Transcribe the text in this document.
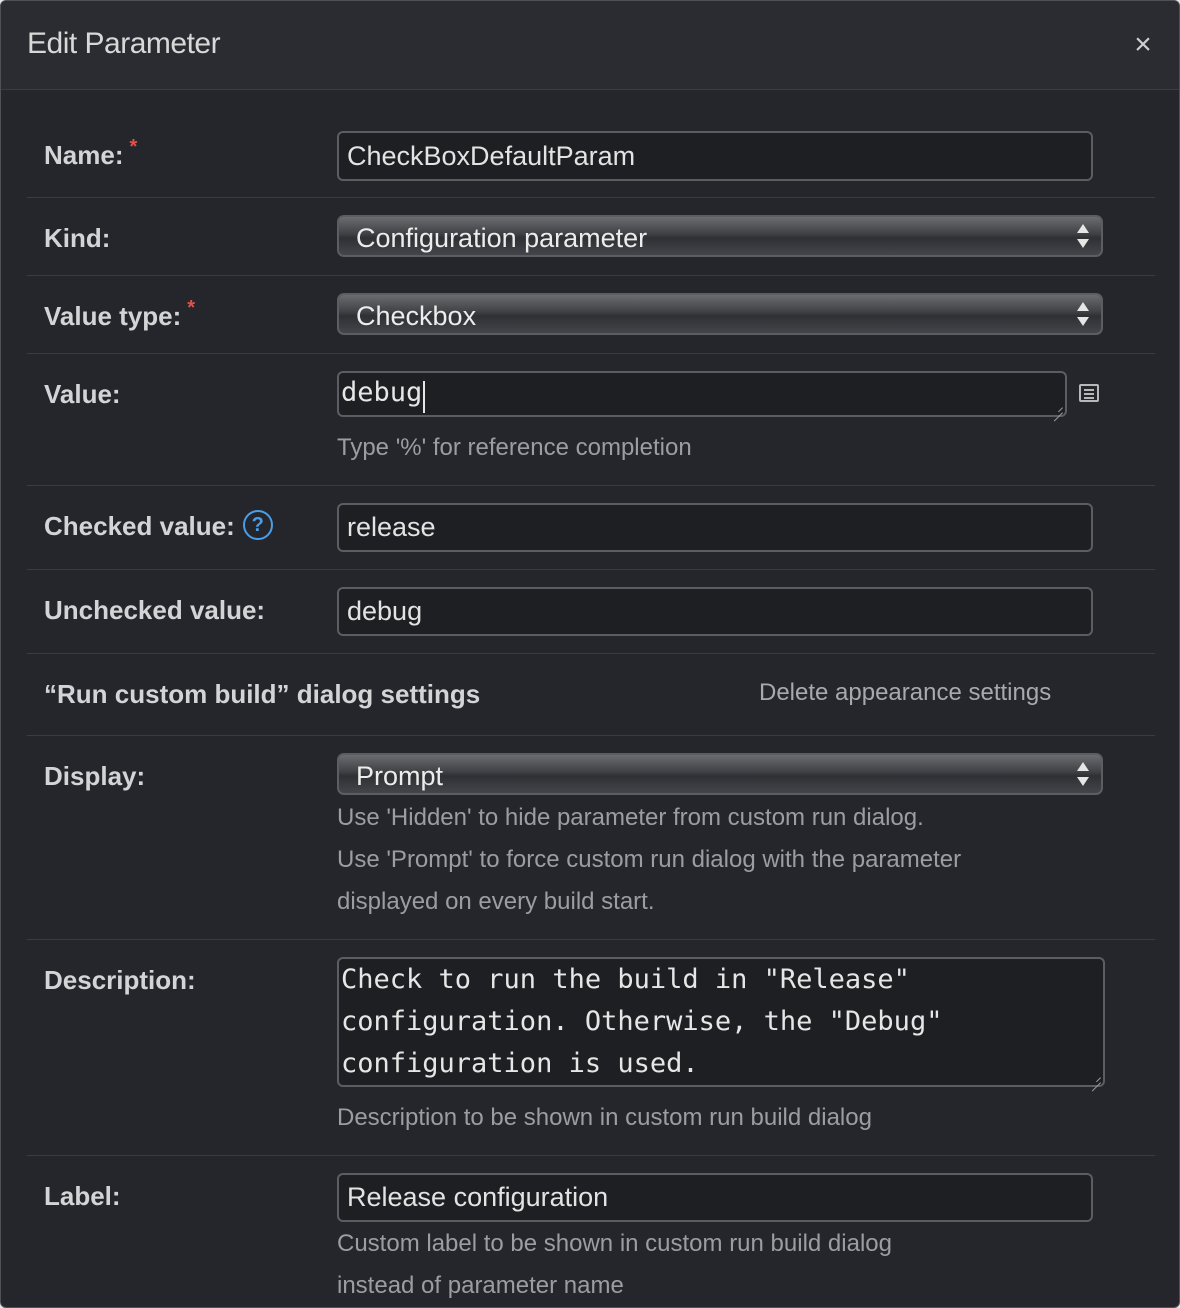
Edit Parameter	×
Name: *	CheckBoxDefaultParam
Kind:	Configuration parameter
Value type: *	Checkbox
Value:	debug
Type '%' for reference completion
Checked value: ?	release
Unchecked value:	debug
“Run custom build” dialog settings	Delete appearance settings
Display:	Prompt
Use 'Hidden' to hide parameter from custom run dialog.
Use 'Prompt' to force custom run dialog with the parameter
displayed on every build start.
Description:	Check to run the build in "Release"
configuration. Otherwise, the "Debug"
configuration is used.
Description to be shown in custom run build dialog
Label:	Release configuration
Custom label to be shown in custom run build dialog
instead of parameter name
